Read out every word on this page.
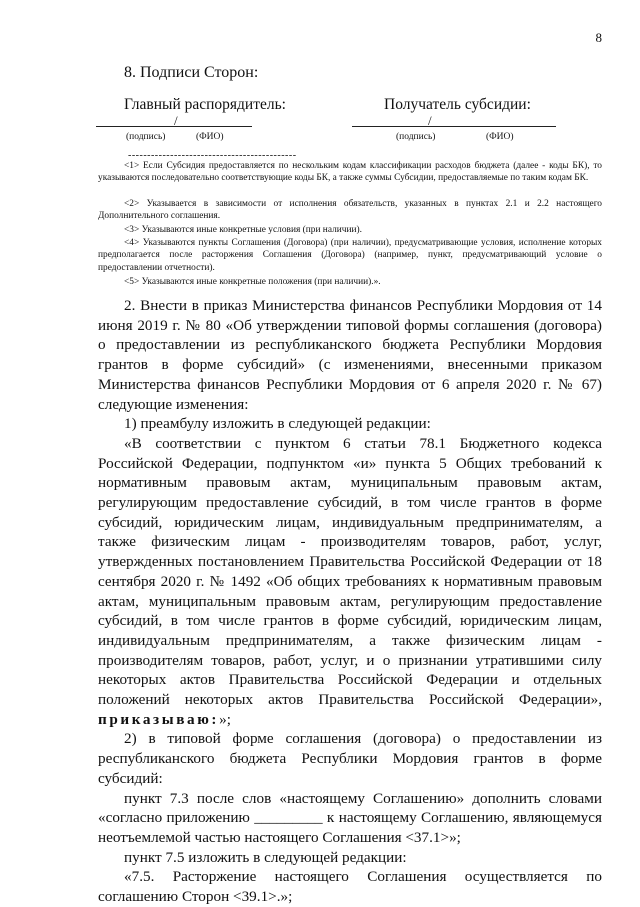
8
8. Подписи Сторон:
Главный распорядитель:	Получатель субсидии:
/
(подпись)	(ФИО)
/
(подпись)	(ФИО)
--------------------------------------------
<1> Если Субсидия предоставляется по нескольким кодам классификации расходов бюджета (далее - коды БК), то указываются последовательно соответствующие коды БК, а также суммы Субсидии, предоставляемые по таким кодам БК.
<2> Указывается в зависимости от исполнения обязательств, указанных в пунктах 2.1 и 2.2 настоящего Дополнительного соглашения.
<3> Указываются иные конкретные условия (при наличии).
<4> Указываются пункты Соглашения (Договора) (при наличии), предусматривающие условия, исполнение которых предполагается после расторжения Соглашения (Договора) (например, пункт, предусматривающий условие о предоставлении отчетности).
<5> Указываются иные конкретные положения (при наличии).».

2. Внести в приказ Министерства финансов Республики Мордовия от 14 июня 2019 г. № 80 «Об утверждении типовой формы соглашения (договора) о предоставлении из республиканского бюджета Республики Мордовия грантов в форме субсидий» (с изменениями, внесенными приказом Министерства финансов Республики Мордовия от 6 апреля 2020 г. № 67) следующие изменения:

1) преамбулу изложить в следующей редакции:

«В соответствии с пунктом 6 статьи 78.1 Бюджетного кодекса Российской Федерации, подпунктом «и» пункта 5 Общих требований к нормативным правовым актам, муниципальным правовым актам, регулирующим предоставление субсидий, в том числе грантов в форме субсидий, юридическим лицам, индивидуальным предпринимателям, а также физическим лицам - производителям товаров, работ, услуг, утвержденных постановлением Правительства Российской Федерации от 18 сентября 2020 г. № 1492 «Об общих требованиях к нормативным правовым актам, муниципальным правовым актам, регулирующим предоставление субсидий, в том числе грантов в форме субсидий, юридическим лицам, индивидуальным предпринимателям, а также физическим лицам - производителям товаров, работ, услуг, и о признании утратившими силу некоторых актов Правительства Российской Федерации и отдельных положений некоторых актов Правительства Российской Федерации», приказываю:»;

2) в типовой форме соглашения (договора) о предоставлении из республиканского бюджета Республики Мордовия грантов в форме субсидий:

пункт 7.3 после слов «настоящему Соглашению» дополнить словами «согласно приложению _________ к настоящему Соглашению, являющемуся неотъемлемой частью настоящего Соглашения <37.1>»;

пункт 7.5 изложить в следующей редакции:

«7.5. Расторжение настоящего Соглашения осуществляется по соглашению Сторон <39.1>.»;
